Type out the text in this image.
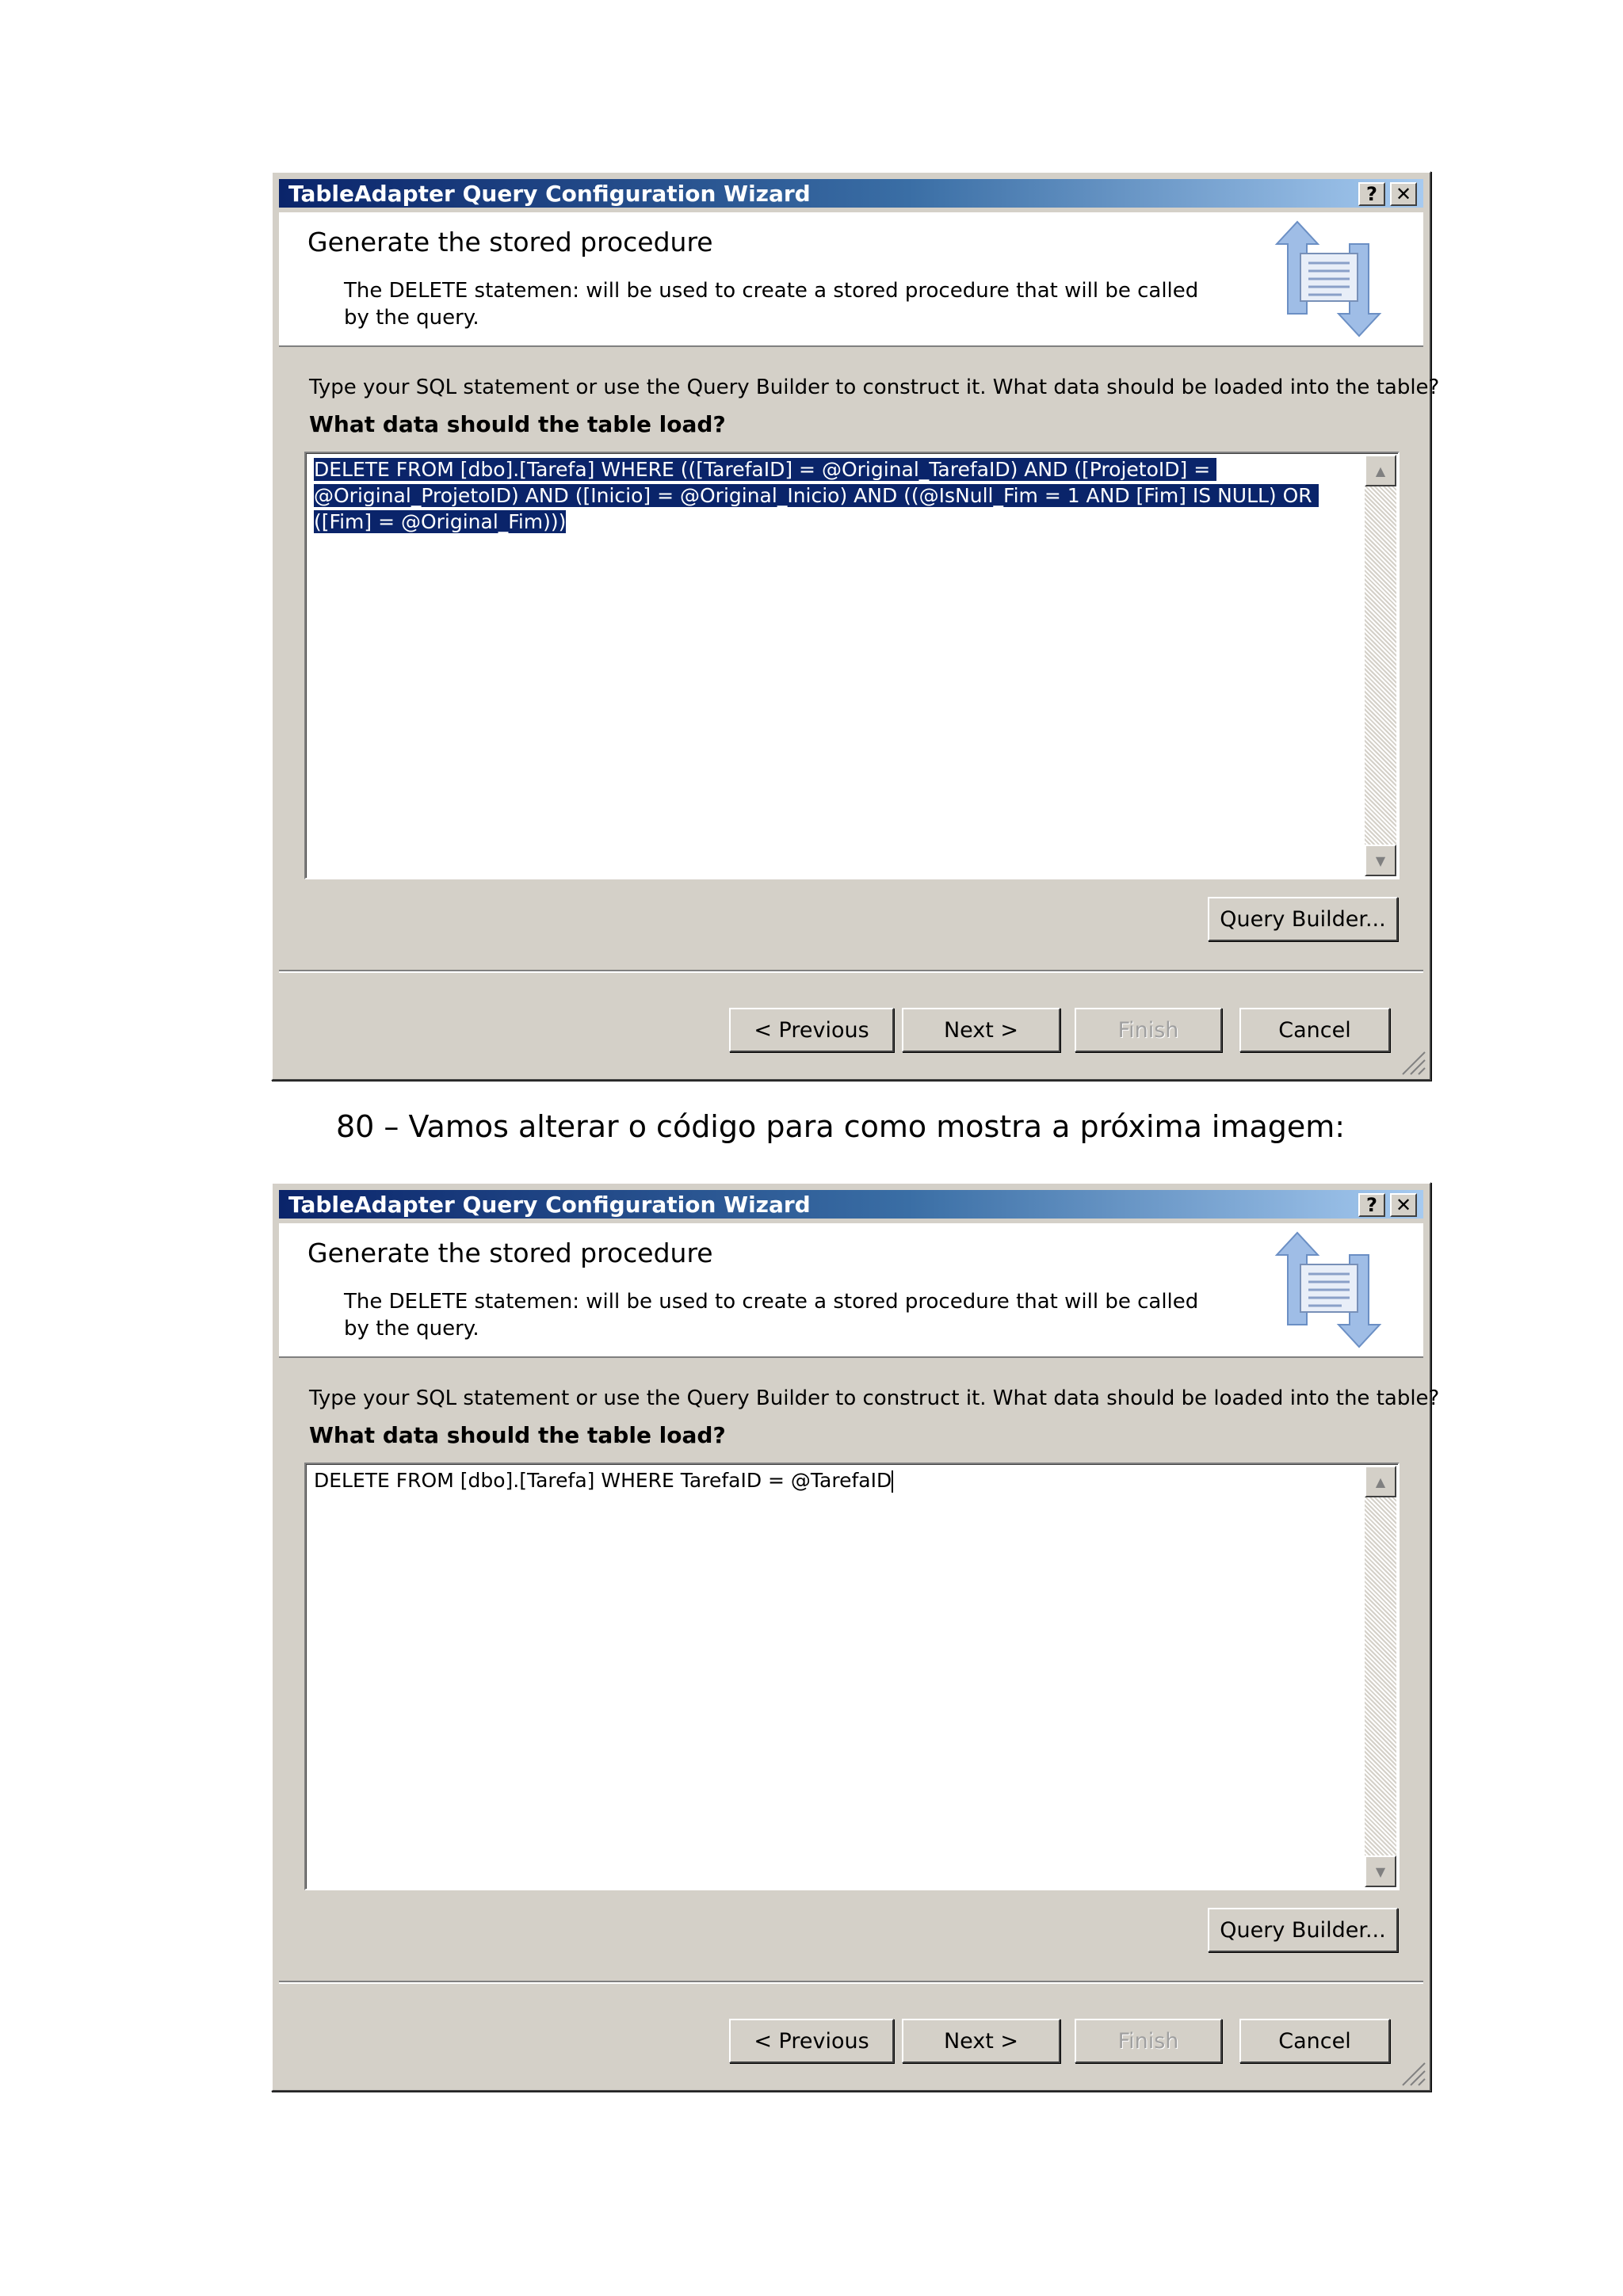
TableAdapter Query Configuration Wizard	? ✕
Generate the stored procedure
The DELETE statemen: will be used to create a stored procedure that will be called by the query.
Type your SQL statement or use the Query Builder to construct it. What data should be loaded into the table?
What data should the table load?
DELETE FROM [dbo].[Tarefa] WHERE (([TarefaID] = @Original_TarefaID) AND ([ProjetoID] = @Original_ProjetoID) AND ([Inicio] = @Original_Inicio) AND ((@IsNull_Fim = 1 AND [Fim] IS NULL) OR ([Fim] = @Original_Fim)))
▲
▼
Query Builder...
< Previous	Next >	Finish	Cancel
80 – Vamos alterar o código para como mostra a próxima imagem:
TableAdapter Query Configuration Wizard	? ✕
Generate the stored procedure
The DELETE statemen: will be used to create a stored procedure that will be called by the query.
Type your SQL statement or use the Query Builder to construct it. What data should be loaded into the table?
What data should the table load?
DELETE FROM [dbo].[Tarefa] WHERE TarefaID = @TarefaID	▲
▼
Query Builder...
< Previous	Next >	Finish	Cancel
